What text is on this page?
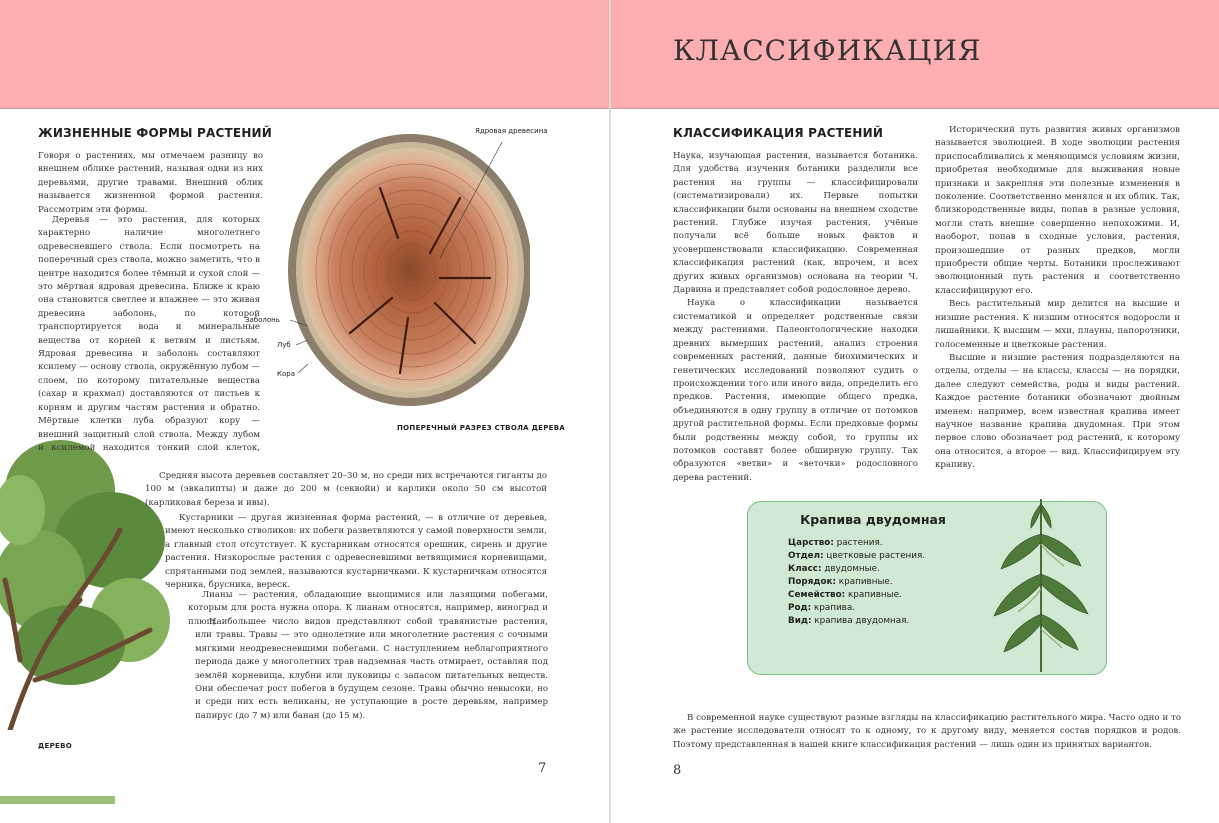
ЖИЗНЕННЫЕ ФОРМЫ РАСТЕНИЙ	Ядровая древесина
Заболонь
Луб
Кора
ПОПЕРЕЧНЫЙ РАЗРЕЗ СТВОЛА ДЕРЕВА
ДЕРЕВО

Говоря о растениях, мы отмечаем разницу во внешнем облике растений, называя одни из них деревьями, другие травами. Внешний облик называется жизненной формой растения. Рассмотрим эти формы.

Деревья — это растения, для которых характерно наличие многолетнего одревесневшего ствола. Если посмотреть на поперечный срез ствола, можно заметить, что в центре находится более тёмный и сухой слой — это мёртвая ядровая древесина. Ближе к краю она становится светлее и влажнее — это живая древесина заболонь, по которой транспортируется вода и минеральные вещества от корней к ветвям и листьям. Ядровая древесина и заболонь составляют ксилему — основу ствола, окружённую лубом — слоем, по которому питательные вещества (сахар и крахмал) доставляются от листьев к корням и другим частям растения и обратно. Мёртвые клетки луба образуют кору — внешний защитный слой ствола. Между лубом и ксилемой находится тонкий слой клеток,

Средняя высота деревьев составляет 20–30 м, но среди них встречаются гиганты до 100 м (эвкалипты) и даже до 200 м (секвойи) и карлики около 50 см высотой (карликовая береза и ивы).

Кустарники — другая жизненная форма растений, — в отличие от деревьев, имеют несколько стволиков: их побеги разветвляются у самой поверхности земли, а главный стол отсутствует. К кустарникам относятся орешник, сирень и другие растения. Низкорослые растения с одревесневшими ветвящимися корневищами, спрятанными под землей, называются кустарничками. К кустарничкам относятся черника, брусника, вереск.

Лианы — растения, обладающие выощимися или лазящими побегами, которым для роста нужна опора. К лианам относятся, например, виноград и плющ.

Наибольшее число видов представляют собой травянистые растения, или травы. Травы — это однолетние или многолетние растения с сочными мягкими неодревесневшими побегами. С наступлением неблагоприятного периода даже у многолетних трав надземная часть отмирает, оставляя под землёй корневища, клубни или луковицы с запасом питательных веществ. Они обеспечат рост побегов в будущем сезоне. Травы обычно невысоки, но и среди них есть великаны, не уступающие в росте деревьям, например папирус (до 7 м) или банан (до 15 м).

7
КЛАССИФИКАЦИЯ
КЛАССИФИКАЦИЯ РАСТЕНИЙ

Наука, изучающая растения, называется ботаника. Для удобства изучения ботаники разделили все растения на группы — классифицировали (систематизировали) их. Первые попытки классификации были основаны на внешнем сходстве растений. Глубже изучая растения, учёные получали всё больше новых фактов и усовершенствовали классификацию. Современная классификация растений (как, впрочем, и всех других живых организмов) основана на теории Ч. Дарвина и представляет собой родословное дерево.

Наука о классификации называется систематикой и определяет родственные связи между растениями. Палеонтологические находки древних вымерших растений, анализ строения современных растений, данные биохимических и генетических исследований позволяют судить о происхождении того или иного вида, определить его предков. Растения, имеющие общего предка, объединяются в одну группу в отличие от потомков другой растительной формы. Если предковые формы были родственны между собой, то группы их потомков составят более обширную группу. Так образуются «ветви» и «веточки» родословного дерева растений.

Исторический путь развития живых организмов называется эволюцией. В ходе эволюции растения приспосабливались к меняющимся условиям жизни, приобретая необходимые для выживания новые признаки и закрепляя эти полезные изменения в поколение. Соответственно менялся и их облик. Так, близкородственные виды, попав в разные условия, могли стать внешне совершенно непохожими. И, наоборот, попав в сходные условия, растения, произошедшие от разных предков, могли приобрести общие черты. Ботаники прослеживают эволюционный путь растения и соответственно классифицируют его.

Весь растительный мир делится на высшие и низшие растения. К низшим относятся водоросли и лишайники. К высшим — мхи, плауны, папоротники, голосеменные и цветковые растения.

Высшие и низшие растения подразделяются на отделы, отделы — на классы, классы — на порядки, далее следуют семейства, роды и виды растений. Каждое растение ботаники обозначают двойным именем: например, всем известная крапива имеет научное название крапива двудомная. При этом первое слово обозначает род растений, к которому она относится, а второе — вид. Классифицируем эту крапиву.

Крапива двудомная
Царство: растения.
Отдел: цветковые растения.
Класс: двудомные.
Порядок: крапивные.
Семейство: крапивные.
Род: крапива.
Вид: крапива двудомная.

В современной науке существуют разные взгляды на классификацию растительного мира. Часто одно и то же растение исследователи относят то к одному, то к другому виду, меняется состав порядков и родов. Поэтому представленная в нашей книге классификация растений — лишь один из принятых вариантов.

8
